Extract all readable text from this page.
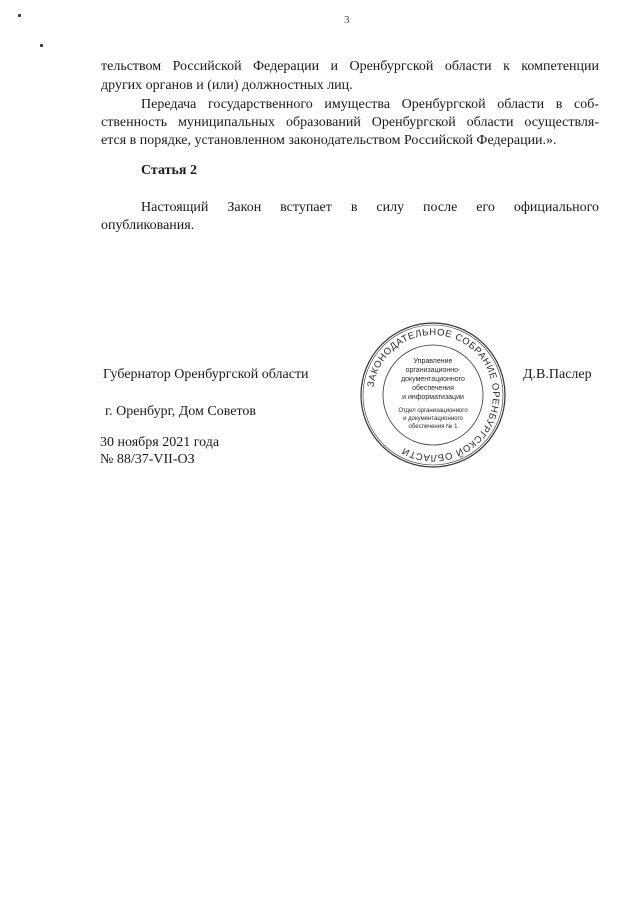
3
тельством Российской Федерации и Оренбургской области к компетенции
других органов и (или) должностных лиц.
Передача государственного имущества Оренбургской области в соб-
ственность муниципальных образований Оренбургской области осуществля-
ется в порядке, установленном законодательством Российской Федерации.».
Статья 2
Настоящий Закон вступает в силу после его официального
опубликования.
Губернатор Оренбургской области	Д.В.Паслер
г. Оренбург, Дом Советов
30 ноября 2021 года
№ 88/37-VII-ОЗ
ЗАКОНОДАТЕЛЬНОЕ СОБРАНИЕ ОРЕНБУРГСКОЙ ОБЛАСТИ
Управление
организационно-
документационного
обеспечения
и информатизации
Отдел организационного
и документационного
обеспечения № 1
